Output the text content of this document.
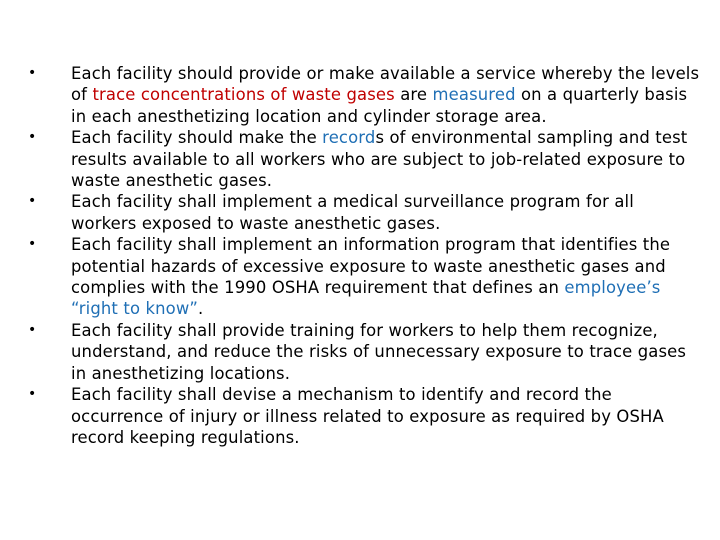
• Each facility should provide or make available a service whereby the levels of trace concentrations of waste gases are measured on a quarterly basis in each anesthetizing location and cylinder storage area.
• Each facility should make the records of environmental sampling and test results available to all workers who are subject to job-related exposure to waste anesthetic gases.
• Each facility shall implement a medical surveillance program for all workers exposed to waste anesthetic gases.
• Each facility shall implement an information program that identifies the potential hazards of excessive exposure to waste anesthetic gases and complies with the 1990 OSHA requirement that defines an employee’s “right to know”.
• Each facility shall provide training for workers to help them recognize, understand, and reduce the risks of unnecessary exposure to trace gases in anesthetizing locations.
• Each facility shall devise a mechanism to identify and record the occurrence of injury or illness related to exposure as required by OSHA record keeping regulations.
